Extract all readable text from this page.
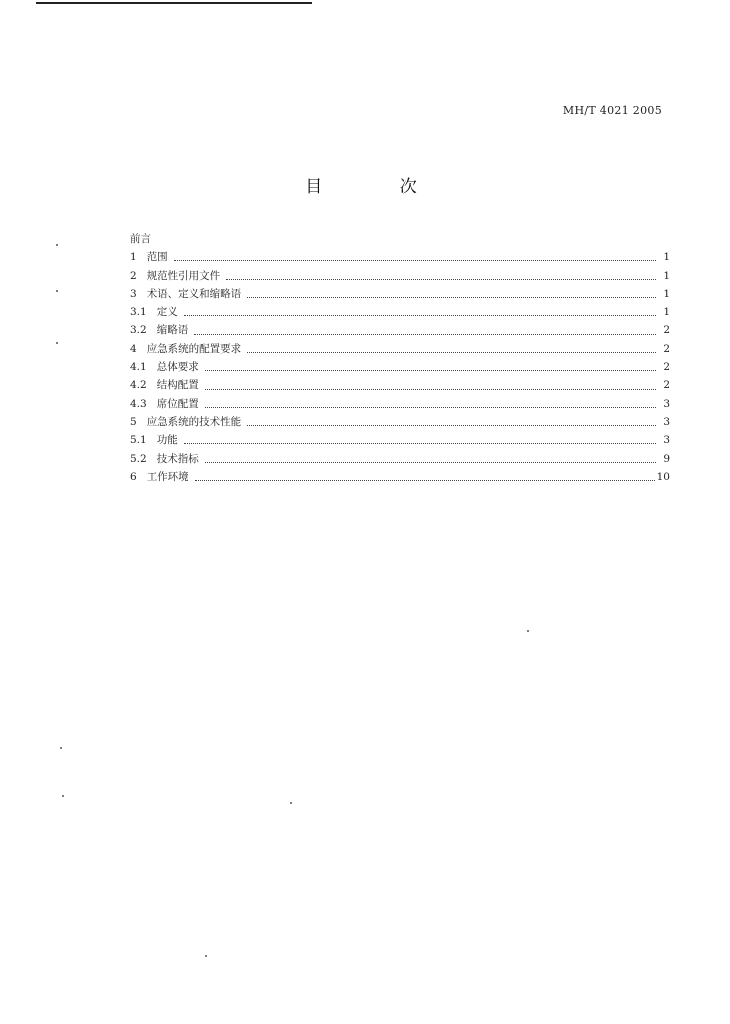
MH/T 4021 2005
目 次
前言
1 范围	1
2 规范性引用文件	1
3 术语、定义和缩略语	1
3.1 定义	1
3.2 缩略语	2
4 应急系统的配置要求	2
4.1 总体要求	2
4.2 结构配置	2
4.3 席位配置	3
5 应急系统的技术性能	3
5.1 功能	3
5.2 技术指标	9
6 工作环境	10
